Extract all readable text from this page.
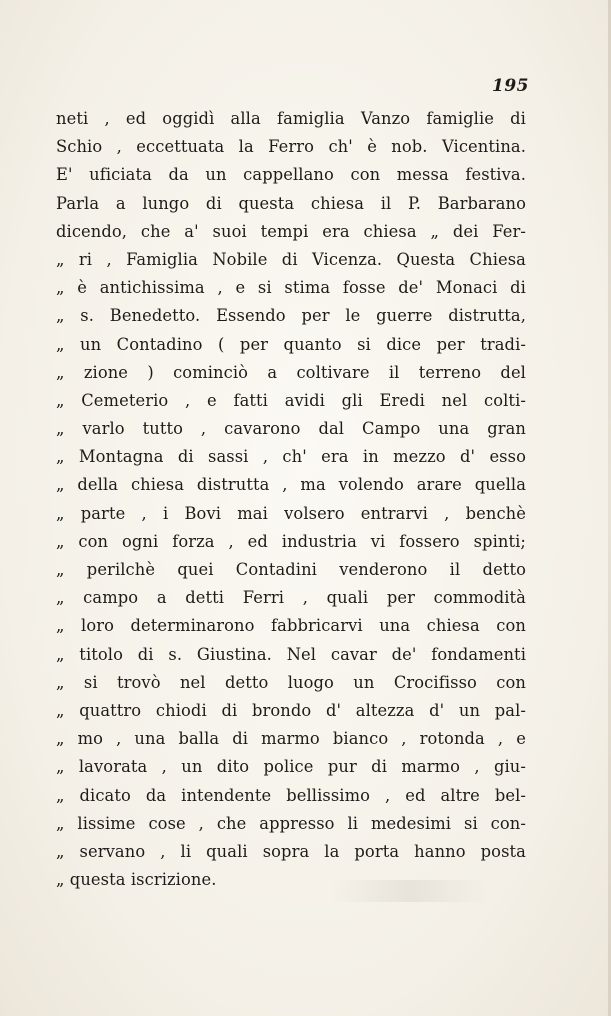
195
neti , ed oggidì alla famiglia Vanzo famiglie di
Schio , eccettuata la Ferro ch' è nob. Vicentina.
E' uficiata da un cappellano con messa festiva.
Parla a lungo di questa chiesa il P. Barbarano
dicendo, che a' suoi tempi era chiesa „ dei Fer-
„ ri , Famiglia Nobile di Vicenza. Questa Chiesa
„ è antichissima , e si stima fosse de' Monaci di
„ s. Benedetto. Essendo per le guerre distrutta,
„ un Contadino ( per quanto si dice per tradi-
„ zione ) cominciò a coltivare il terreno del
„ Cemeterio , e fatti avidi gli Eredi nel colti-
„ varlo tutto , cavarono dal Campo una gran
„ Montagna di sassi , ch' era in mezzo d' esso
„ della chiesa distrutta , ma volendo arare quella
„ parte , i Bovi mai volsero entrarvi , benchè
„ con ogni forza , ed industria vi fossero spinti;
„ perilchè quei Contadini venderono il detto
„ campo a detti Ferri , quali per commodità
„ loro determinarono fabbricarvi una chiesa con
„ titolo di s. Giustina. Nel cavar de' fondamenti
„ si trovò nel detto luogo un Crocifisso con
„ quattro chiodi di brondo d' altezza d' un pal-
„ mo , una balla di marmo bianco , rotonda , e
„ lavorata , un dito police pur di marmo , giu-
„ dicato da intendente bellissimo , ed altre bel-
„ lissime cose , che appresso li medesimi si con-
„ servano , li quali sopra la porta hanno posta
„ questa iscrizione.
